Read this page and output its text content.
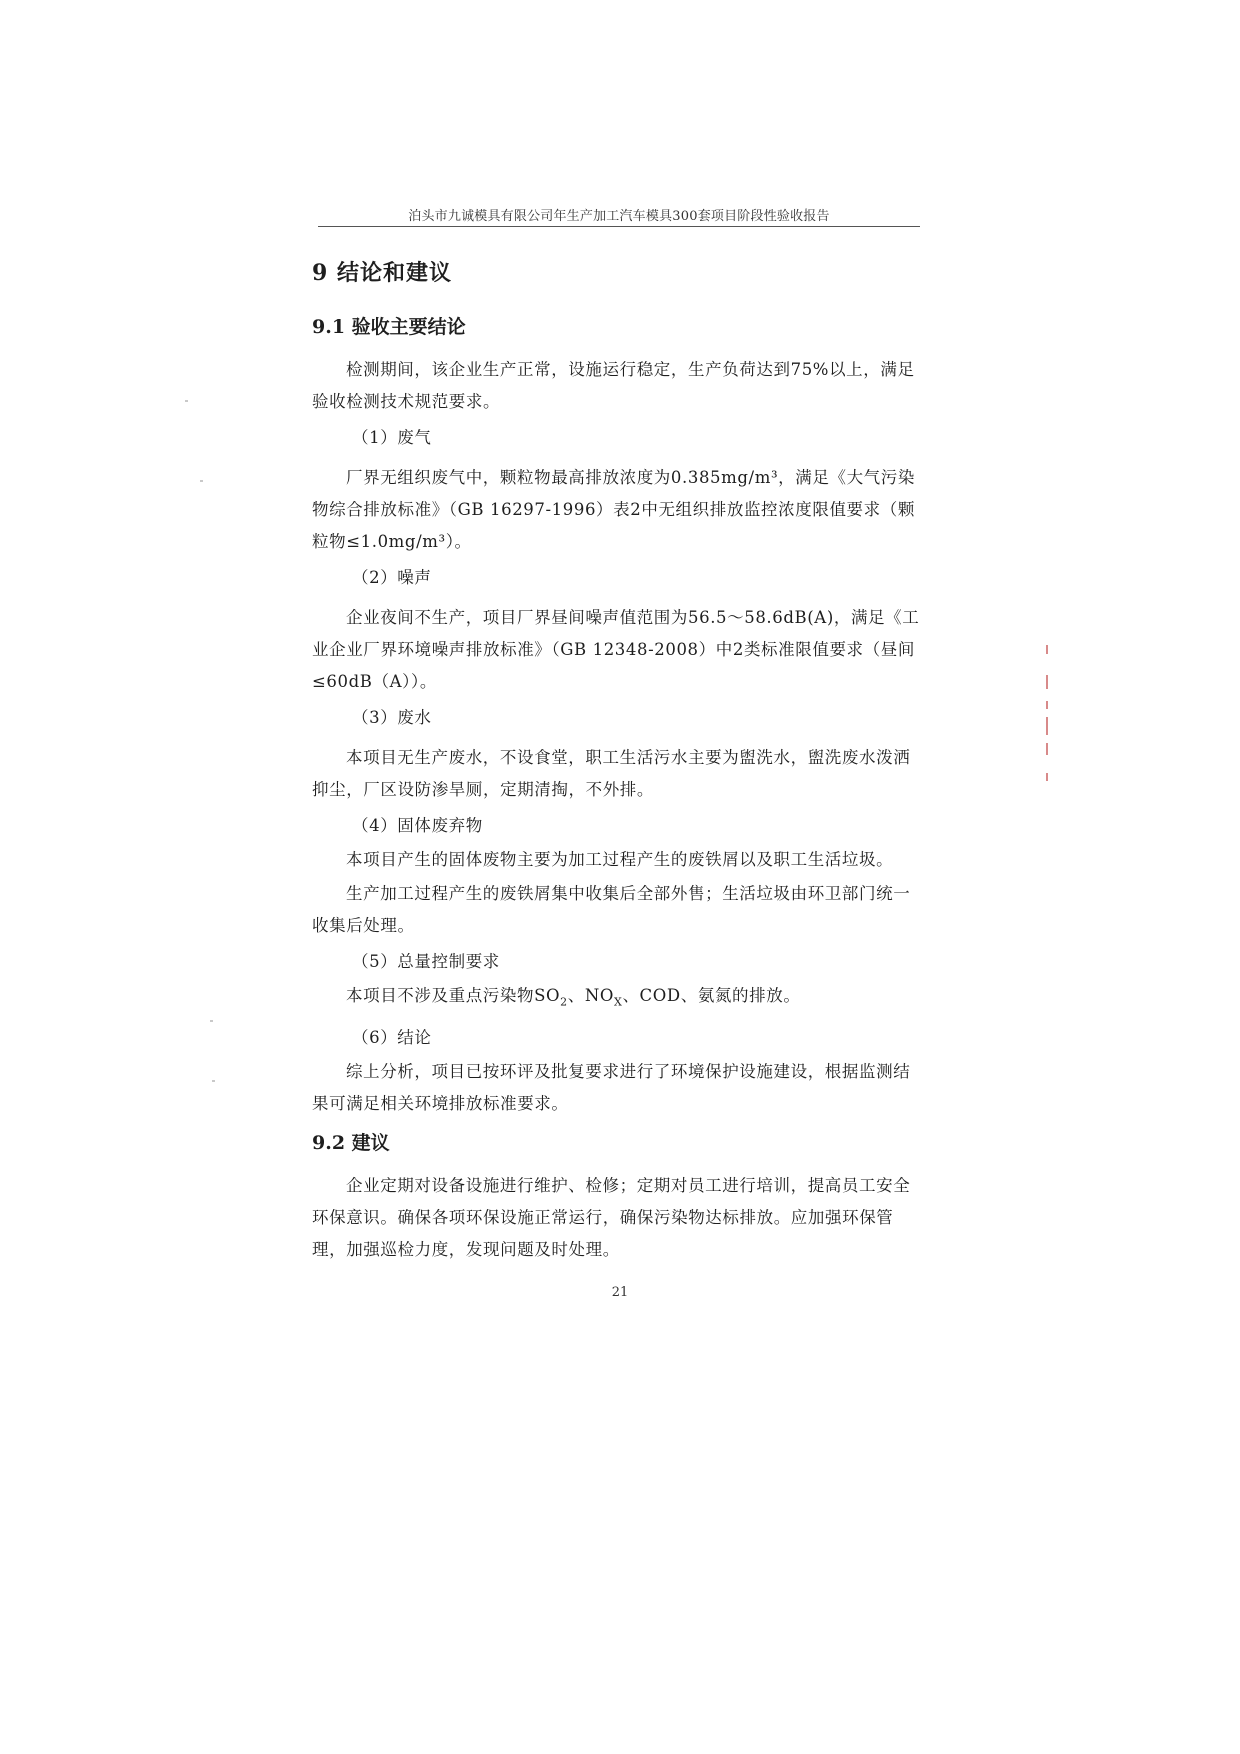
泊头市九诚模具有限公司年生产加工汽车模具300套项目阶段性验收报告
9 结论和建议
9.1 验收主要结论

检测期间，该企业生产正常，设施运行稳定，生产负荷达到75%以上，满足验收检测技术规范要求。

（1）废气

厂界无组织废气中，颗粒物最高排放浓度为0.385mg/m³，满足《大气污染物综合排放标准》（GB 16297-1996）表2中无组织排放监控浓度限值要求（颗粒物≤1.0mg/m³）。

（2）噪声

企业夜间不生产，项目厂界昼间噪声值范围为56.5～58.6dB(A)，满足《工业企业厂界环境噪声排放标准》（GB 12348-2008）中2类标准限值要求（昼间≤60dB（A））。

（3）废水

本项目无生产废水，不设食堂，职工生活污水主要为盥洗水，盥洗废水泼洒抑尘，厂区设防渗旱厕，定期清掏，不外排。

（4）固体废弃物

本项目产生的固体废物主要为加工过程产生的废铁屑以及职工生活垃圾。

生产加工过程产生的废铁屑集中收集后全部外售；生活垃圾由环卫部门统一收集后处理。

（5）总量控制要求

本项目不涉及重点污染物$SO_2$、$NO_X$、COD、氨氮的排放。

（6）结论

综上分析，项目已按环评及批复要求进行了环境保护设施建设，根据监测结果可满足相关环境排放标准要求。

9.2 建议

企业定期对设备设施进行维护、检修；定期对员工进行培训，提高员工安全环保意识。确保各项环保设施正常运行，确保污染物达标排放。应加强环保管理，加强巡检力度，发现问题及时处理。

21
